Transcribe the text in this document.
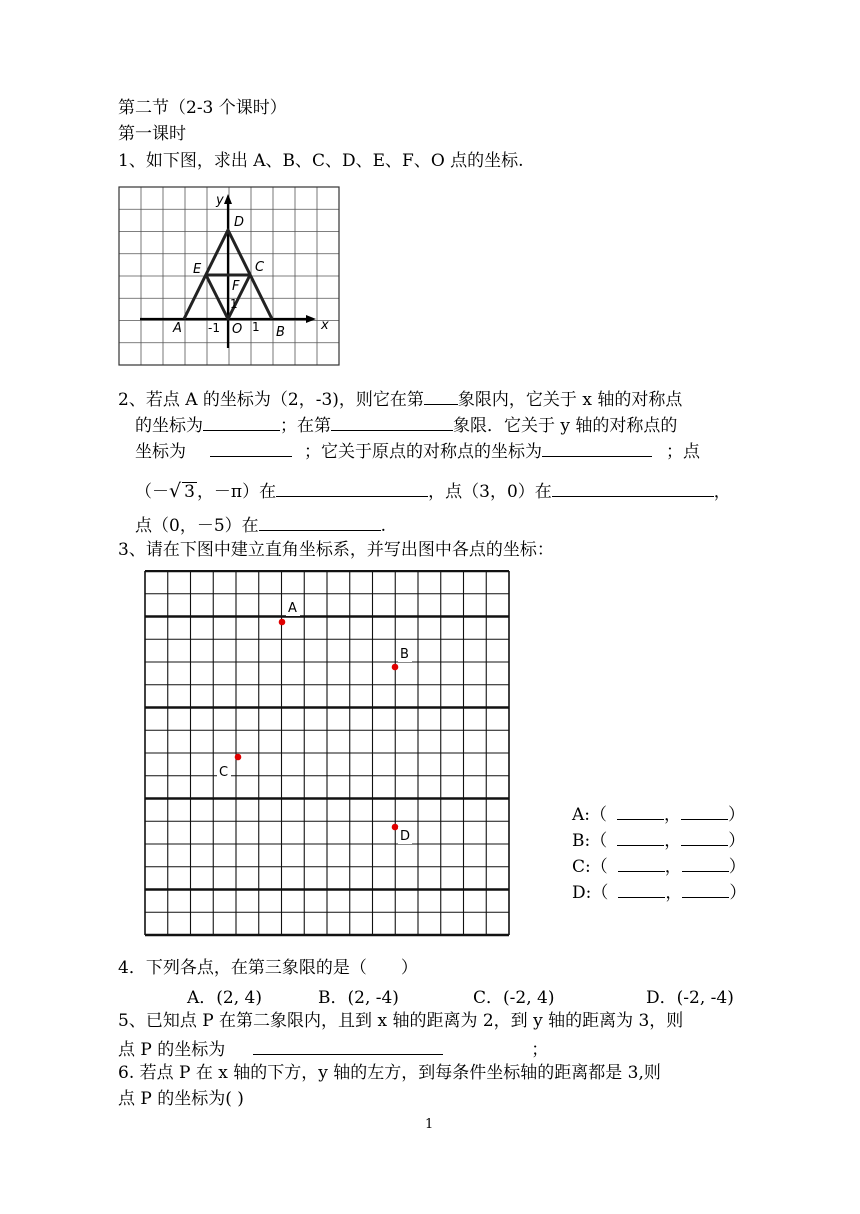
第二节（2-3 个课时）
第一课时
1、如下图，求出 A、B、C、D、E、F、O 点的坐标.
x
y
O
A	B
C
D
E
F
-1	1
1
2、若点 A 的坐标为（2，-3)，则它在第 象限内，它关于 x 轴的对称点
的坐标为	；在第	象限．它关于 y 轴的对称点的
坐标为	；它关于原点的对称点的坐标为	；点
（－√ 3 ，－π）在	，点（3，0）在	，
点（0，－5）在	.
3、请在下图中建立直角坐标系，并写出图中各点的坐标：
A
B
C
D
A:（	，	）
B:（	，	）
C:（	，	）
D:（	，	）
4．下列各点，在第三象限的是（　　）
A．(2, 4)	B．(2, -4)	C．(-2, 4)	D．(-2, -4)
5、已知点 P 在第二象限内，且到 x 轴的距离为 2，到 y 轴的距离为 3，则
点 P 的坐标为	；
6. 若点 P 在 x 轴的下方，y 轴的左方，到每条件坐标轴的距离都是 3,则
点 P 的坐标为( )
1
